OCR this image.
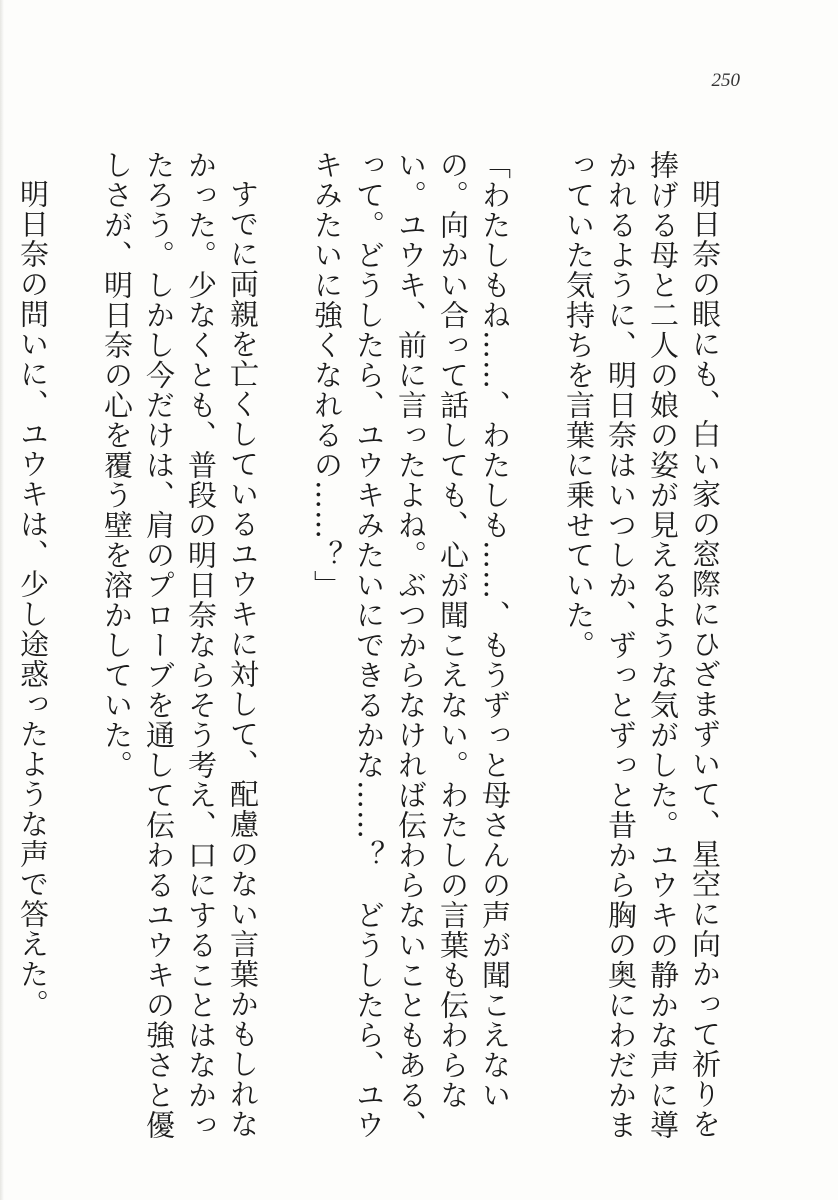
250

明日奈の眼にも、白い家の窓際にひざまずいて、星空に向かって祈りを捧げる母と二人の娘の姿が見えるような気がした。ユウキの静かな声に導かれるように、明日奈はいつしか、ずっとずっと昔から胸の奥にわだかまっていた気持ちを言葉に乗せていた。

「わたしもね……、わたしも……、もうずっと母さんの声が聞こえないの。向かい合って話しても、心が聞こえない。わたしの言葉も伝わらない。ユウキ、前に言ったよね。ぶつからなければ伝わらないこともある、って。どうしたら、ユウキみたいにできるかな……？　どうしたら、ユウキみたいに強くなれるの……？」

すでに両親を亡くしているユウキに対して、配慮のない言葉かもしれなかった。少なくとも、普段の明日奈ならそう考え、口にすることはなかったろう。しかし今だけは、肩のプローブを通して伝わるユウキの強さと優しさが、明日奈の心を覆う壁を溶かしていた。

明日奈の問いに、ユウキは、少し途惑ったような声で答えた。
